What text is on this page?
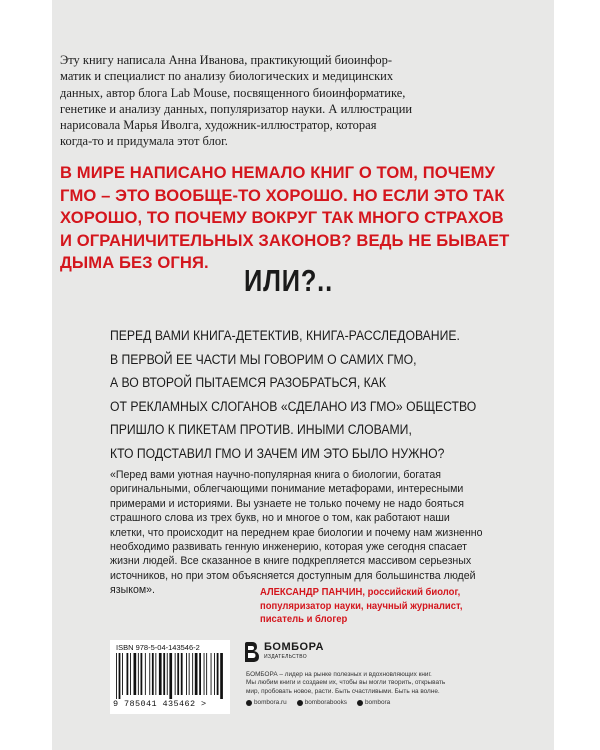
Эту книгу написала Анна Иванова, практикующий биоинфор-
матик и специалист по анализу биологических и медицинских
данных, автор блога Lab Mouse, посвященного биоинформатике,
генетике и анализу данных, популяризатор науки. А иллюстрации
нарисовала Марья Иволга, художник-иллюстратор, которая
когда-то и придумала этот блог.
В МИРЕ НАПИСАНО НЕМАЛО КНИГ О ТОМ, ПОЧЕМУ
ГМО – ЭТО ВООБЩЕ-ТО ХОРОШО. НО ЕСЛИ ЭТО ТАК
ХОРОШО, ТО ПОЧЕМУ ВОКРУГ ТАК МНОГО СТРАХОВ
И ОГРАНИЧИТЕЛЬНЫХ ЗАКОНОВ? ВЕДЬ НЕ БЫВАЕТ
ДЫМА БЕЗ ОГНЯ.
ИЛИ?..
ПЕРЕД ВАМИ КНИГА-ДЕТЕКТИВ, КНИГА-РАССЛЕДОВАНИЕ.
В ПЕРВОЙ ЕЕ ЧАСТИ МЫ ГОВОРИМ О САМИХ ГМО,
А ВО ВТОРОЙ ПЫТАЕМСЯ РАЗОБРАТЬСЯ, КАК
ОТ РЕКЛАМНЫХ СЛОГАНОВ «СДЕЛАНО ИЗ ГМО» ОБЩЕСТВО
ПРИШЛО К ПИКЕТАМ ПРОТИВ. ИНЫМИ СЛОВАМИ,
КТО ПОДСТАВИЛ ГМО И ЗАЧЕМ ИМ ЭТО БЫЛО НУЖНО?
«Перед вами уютная научно-популярная книга о биологии, богатая
оригинальными, облегчающими понимание метафорами, интересными
примерами и историями. Вы узнаете не только почему не надо бояться
страшного слова из трех букв, но и многое о том, как работают наши
клетки, что происходит на переднем крае биологии и почему нам жизненно
необходимо развивать генную инженерию, которая уже сегодня спасает
жизни людей. Все сказанное в книге подкрепляется массивом серьезных
источников, но при этом объясняется доступным для большинства людей
языком».	АЛЕКСАНДР ПАНЧИН, российский биолог,
популяризатор науки, научный журналист,
писатель и блогер
ISBN 978-5-04-143546-2
9 785041 435462 >
БОМБОРА
ИЗДАТЕЛЬСТВО
БОМБОРА – лидер на рынке полезных и вдохновляющих книг.
Мы любим книги и создаем их, чтобы вы могли творить, открывать
мир, пробовать новое, расти. Быть счастливыми. Быть на волне.
bombora.ru	bomborabooks	bombora
